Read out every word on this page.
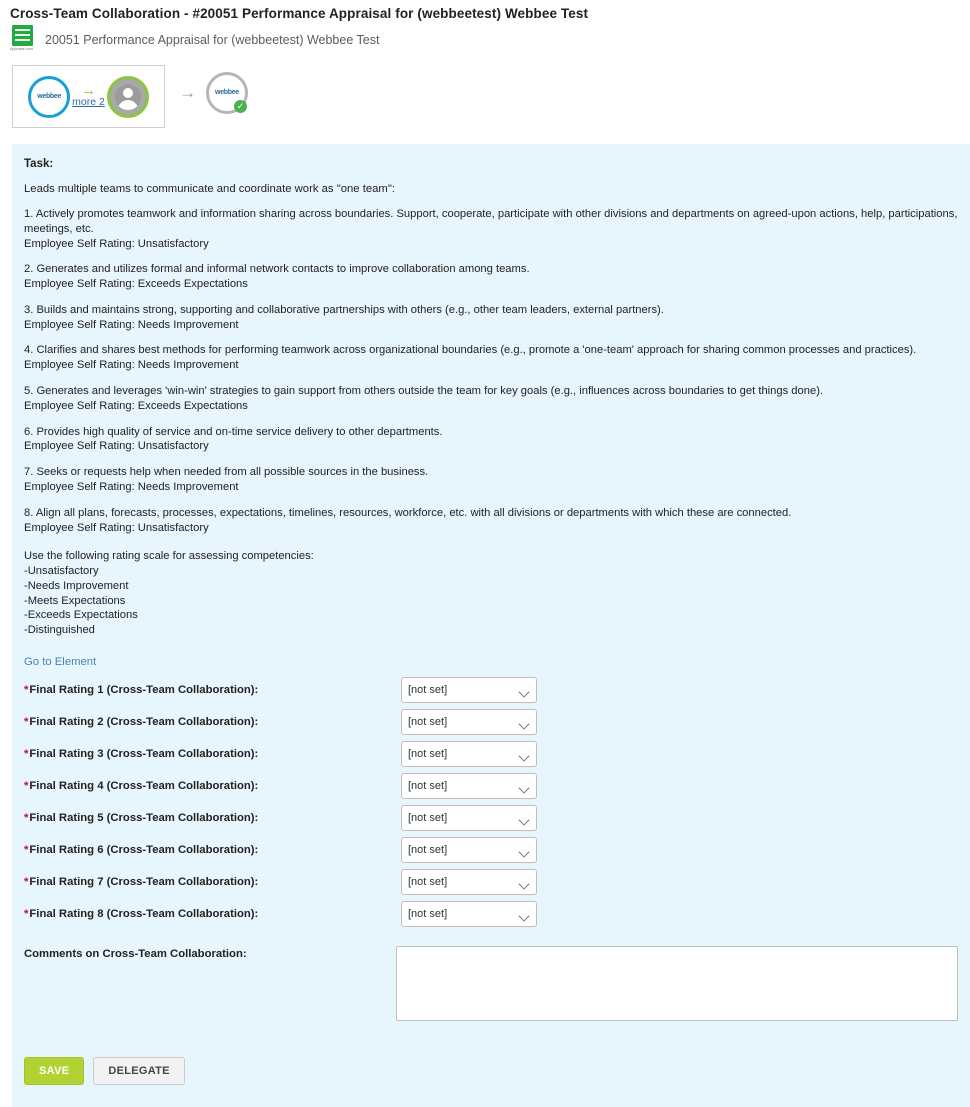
Cross-Team Collaboration - #20051 Performance Appraisal for (webbeetest) Webbee Test
Appraisal form
20051 Performance Appraisal for (webbeetest) Webbee Test
webbee →
more 2	→	webbee
✓
Task:
Leads multiple teams to communicate and coordinate work as "one team":
1. Actively promotes teamwork and information sharing across boundaries. Support, cooperate, participate with other divisions and departments on agreed-upon actions, help, participations, meetings, etc.
Employee Self Rating: Unsatisfactory
2. Generates and utilizes formal and informal network contacts to improve collaboration among teams.
Employee Self Rating: Exceeds Expectations
3. Builds and maintains strong, supporting and collaborative partnerships with others (e.g., other team leaders, external partners).
Employee Self Rating: Needs Improvement
4. Clarifies and shares best methods for performing teamwork across organizational boundaries (e.g., promote a 'one-team' approach for sharing common processes and practices).
Employee Self Rating: Needs Improvement
5. Generates and leverages 'win-win' strategies to gain support from others outside the team for key goals (e.g., influences across boundaries to get things done).
Employee Self Rating: Exceeds Expectations
6. Provides high quality of service and on-time service delivery to other departments.
Employee Self Rating: Unsatisfactory
7. Seeks or requests help when needed from all possible sources in the business.
Employee Self Rating: Needs Improvement
8. Align all plans, forecasts, processes, expectations, timelines, resources, workforce, etc. with all divisions or departments with which these are connected.
Employee Self Rating: Unsatisfactory
Use the following rating scale for assessing competencies:
-Unsatisfactory
-Needs Improvement
-Meets Expectations
-Exceeds Expectations
-Distinguished
Go to Element
*Final Rating 1 (Cross-Team Collaboration):
[not set]
*Final Rating 2 (Cross-Team Collaboration):
[not set]
*Final Rating 3 (Cross-Team Collaboration):
[not set]
*Final Rating 4 (Cross-Team Collaboration):
[not set]
*Final Rating 5 (Cross-Team Collaboration):
[not set]
*Final Rating 6 (Cross-Team Collaboration):
[not set]
*Final Rating 7 (Cross-Team Collaboration):
[not set]
*Final Rating 8 (Cross-Team Collaboration):
[not set]
Comments on Cross-Team Collaboration:
SAVE	DELEGATE
